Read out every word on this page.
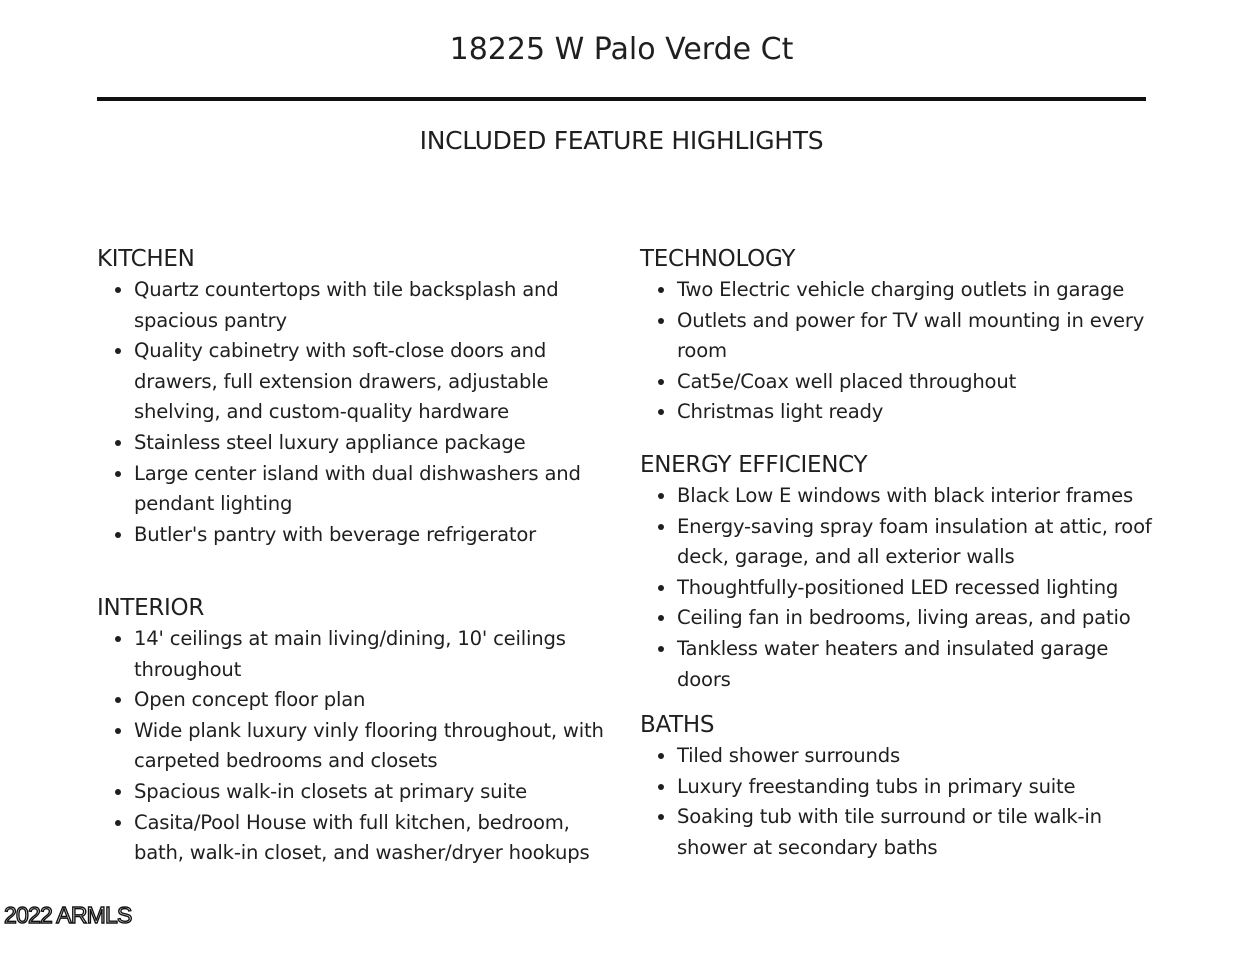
18225 W Palo Verde Ct
INCLUDED FEATURE HIGHLIGHTS
KITCHEN
• Quartz countertops with tile backsplash and spacious pantry
• Quality cabinetry with soft-close doors and drawers, full extension drawers, adjustable shelving, and custom-quality hardware
• Stainless steel luxury appliance package
• Large center island with dual dishwashers and pendant lighting
• Butler's pantry with beverage refrigerator
INTERIOR
• 14' ceilings at main living/dining, 10' ceilings throughout
• Open concept floor plan
• Wide plank luxury vinly flooring throughout, with carpeted bedrooms and closets
• Spacious walk-in closets at primary suite
• Casita/Pool House with full kitchen, bedroom, bath, walk-in closet, and washer/dryer hookups
TECHNOLOGY
• Two Electric vehicle charging outlets in garage
• Outlets and power for TV wall mounting in every room
• Cat5e/Coax well placed throughout
• Christmas light ready
ENERGY EFFICIENCY
• Black Low E windows with black interior frames
• Energy-saving spray foam insulation at attic, roof deck, garage, and all exterior walls
• Thoughtfully-positioned LED recessed lighting
• Ceiling fan in bedrooms, living areas, and patio
• Tankless water heaters and insulated garage doors
BATHS
• Tiled shower surrounds
• Luxury freestanding tubs in primary suite
• Soaking tub with tile surround or tile walk-in shower at secondary baths
2022 ARMLS
